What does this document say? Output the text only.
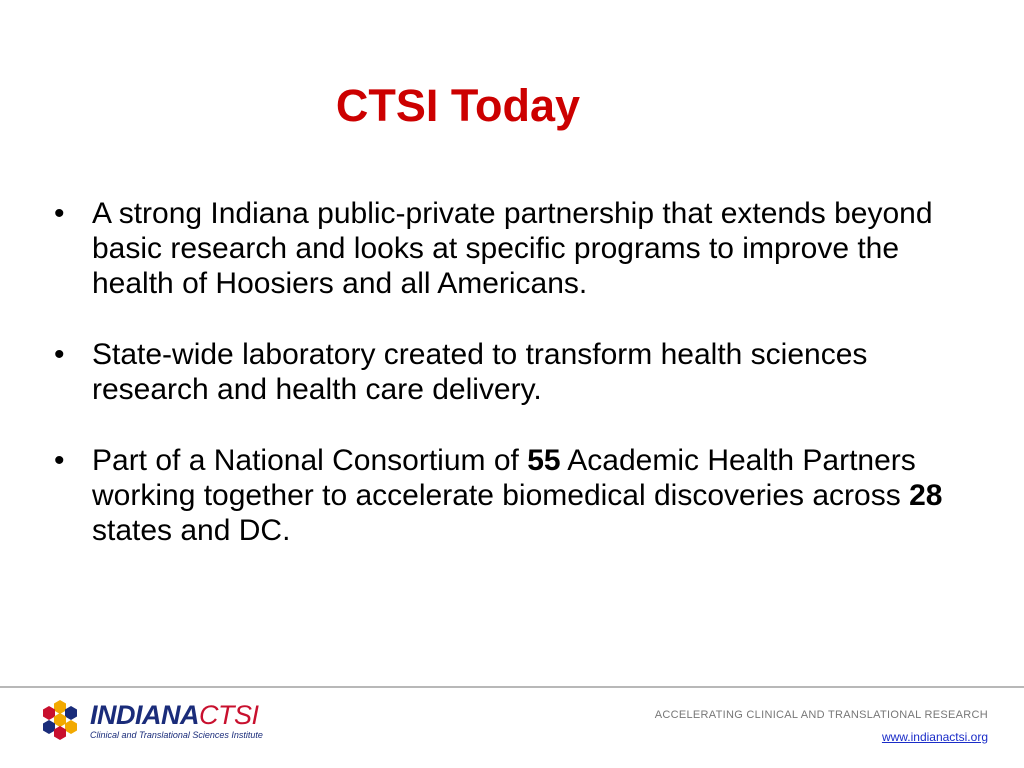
CTSI Today
• A strong Indiana public-private partnership that extends beyond basic research and looks at specific programs to improve the health of Hoosiers and all Americans.
• State-wide laboratory created to transform health sciences research and health care delivery.
• Part of a National Consortium of 55 Academic Health Partners working together to accelerate biomedical discoveries across 28 states and DC.
INDIANACTSI
Clinical and Translational Sciences Institute
ACCELERATING CLINICAL AND TRANSLATIONAL RESEARCH
www.indianactsi.org
